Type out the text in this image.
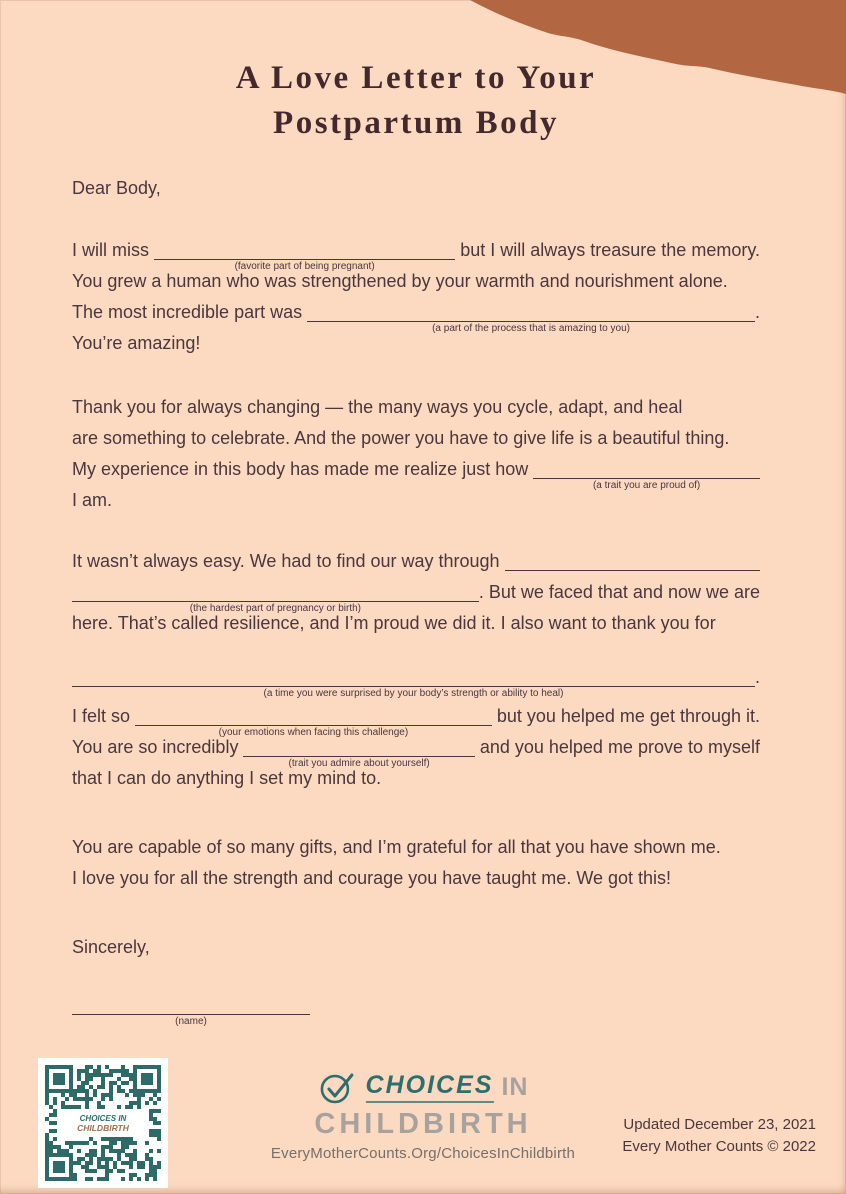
A Love Letter to Your
Postpartum Body

Dear Body,

I will miss
(favorite part of being pregnant)
but I will always treasure the memory.
You grew a human who was strengthened by your warmth and nourishment alone.
The most incredible part was
(a part of the process that is amazing to you)
.
You’re amazing!
Thank you for always changing — the many ways you cycle, adapt, and heal
are something to celebrate. And the power you have to give life is a beautiful thing.
My experience in this body has made me realize just how
(a trait you are proud of)
I am.
It wasn’t always easy. We had to find our way through
(the hardest part of pregnancy or birth)
. But we faced that and now we are
here. That’s called resilience, and I’m proud we did it. I also want to thank you for
(a time you were surprised by your body’s strength or ability to heal)
.
I felt so
(your emotions when facing this challenge)
but you helped me get through it.
You are so incredibly
(trait you admire about yourself)
and you helped me prove to myself
that I can do anything I set my mind to.
You are capable of so many gifts, and I’m grateful for all that you have shown me.
I love you for all the strength and courage you have taught me. We got this!
Sincerely,
(name)
CHOICES IN
CHILDBIRTH
CHOICES IN
CHILDBIRTH
EveryMotherCounts.Org/ChoicesInChildbirth
Updated December 23, 2021
Every Mother Counts © 2022
